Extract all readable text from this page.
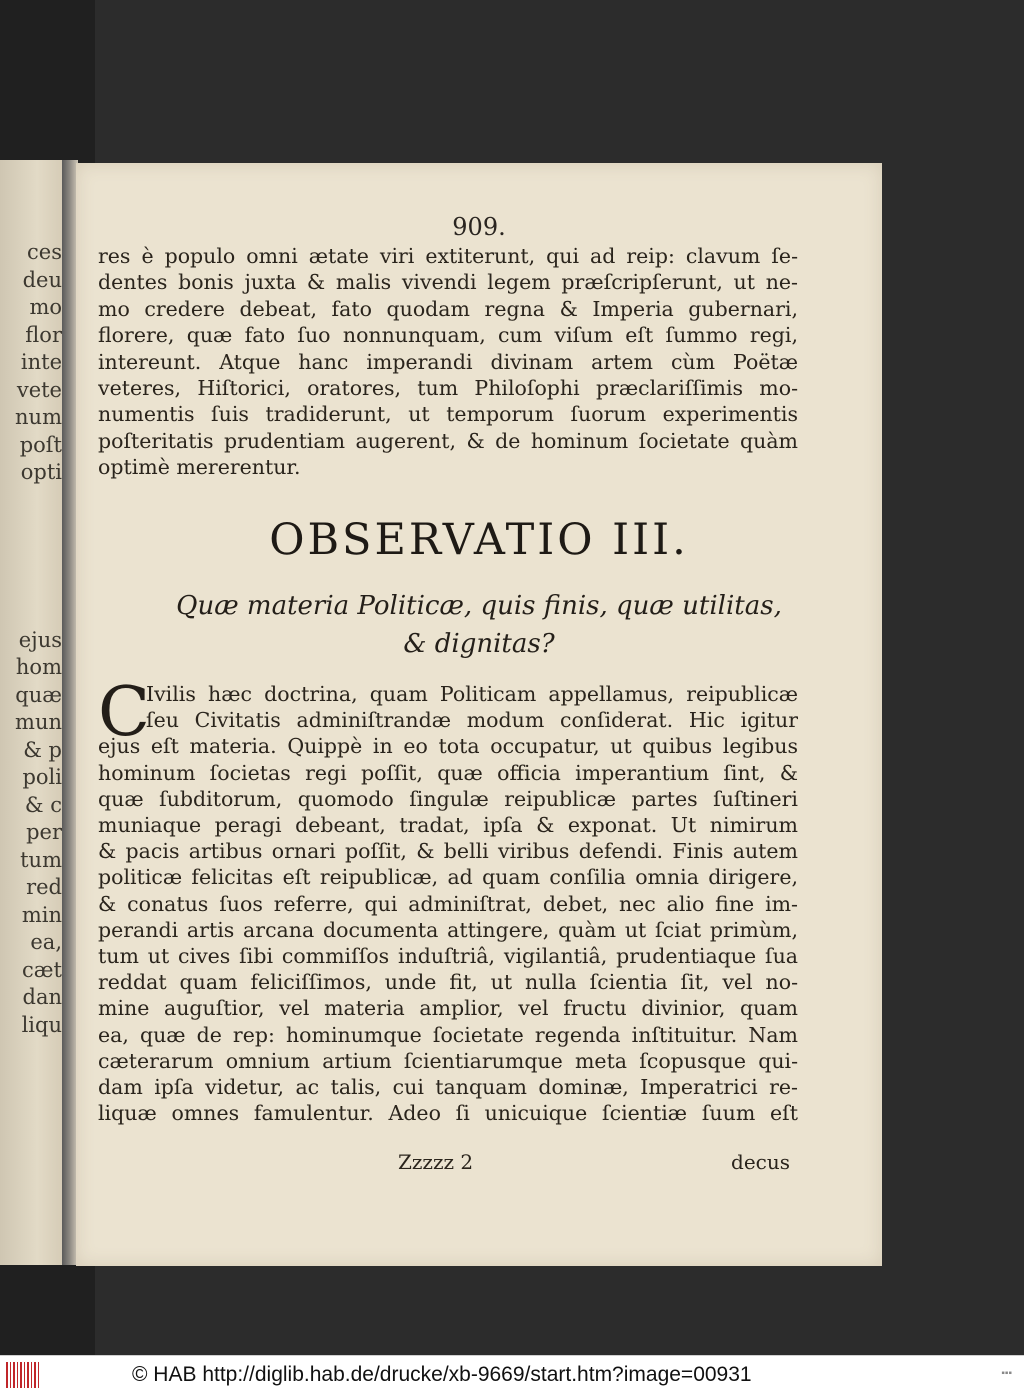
ces
deu
mo
flor
inte
vete
num
poſt
opti
ejus
hom
quæ
mun
& p
poli
& c
per
tum
red
min
ea,
cæt
dan
liqu
909.
res è populo omni ætate viri extiterunt, qui ad reip: clavum ſe-
dentes bonis juxta & malis vivendi legem præſcripſerunt, ut ne-
mo credere debeat, fato quodam regna & Imperia gubernari,
florere, quæ fato ſuo nonnunquam, cum viſum eſt ſummo regi,
intereunt. Atque hanc imperandi divinam artem cùm Poëtæ
veteres, Hiſtorici, oratores, tum Philoſophi præclariſſimis mo-
numentis ſuis tradiderunt, ut temporum ſuorum experimentis
poſteritatis prudentiam augerent, & de hominum ſocietate quàm
optimè mererentur.
OBSERVATIO III.
Quæ materia Politicæ, quis finis, quæ utilitas,
& dignitas?
C
Ivilis hæc doctrina, quam Politicam appellamus, reipublicæ
ſeu Civitatis adminiſtrandæ modum conſiderat. Hic igitur
ejus eſt materia. Quippè in eo tota occupatur, ut quibus legibus
hominum ſocietas regi poſſit, quæ officia imperantium ſint, &
quæ ſubditorum, quomodo ſingulæ reipublicæ partes ſuſtineri
muniaque peragi debeant, tradat, ipſa & exponat. Ut nimirum
& pacis artibus ornari poſſit, & belli viribus defendi. Finis autem
politicæ felicitas eſt reipublicæ, ad quam conſilia omnia dirigere,
& conatus ſuos referre, qui adminiſtrat, debet, nec alio fine im-
perandi artis arcana documenta attingere, quàm ut ſciat primùm,
tum ut cives ſibi commiſſos induſtriâ, vigilantiâ, prudentiaque ſua
reddat quam feliciſſimos, unde fit, ut nulla ſcientia ſit, vel no-
mine auguſtior, vel materia amplior, vel fructu divinior, quam
ea, quæ de rep: hominumque ſocietate regenda inſtituitur. Nam
cæterarum omnium artium ſcientiarumque meta ſcopusque qui-
dam ipſa videtur, ac talis, cui tanquam dominæ, Imperatrici re-
liquæ omnes famulentur. Adeo ſi unicuique ſcientiæ ſuum eſt
Zzzzz 2	decus
© HAB http://diglib.hab.de/drucke/xb-9669/start.htm?image=00931	▪▪▪
